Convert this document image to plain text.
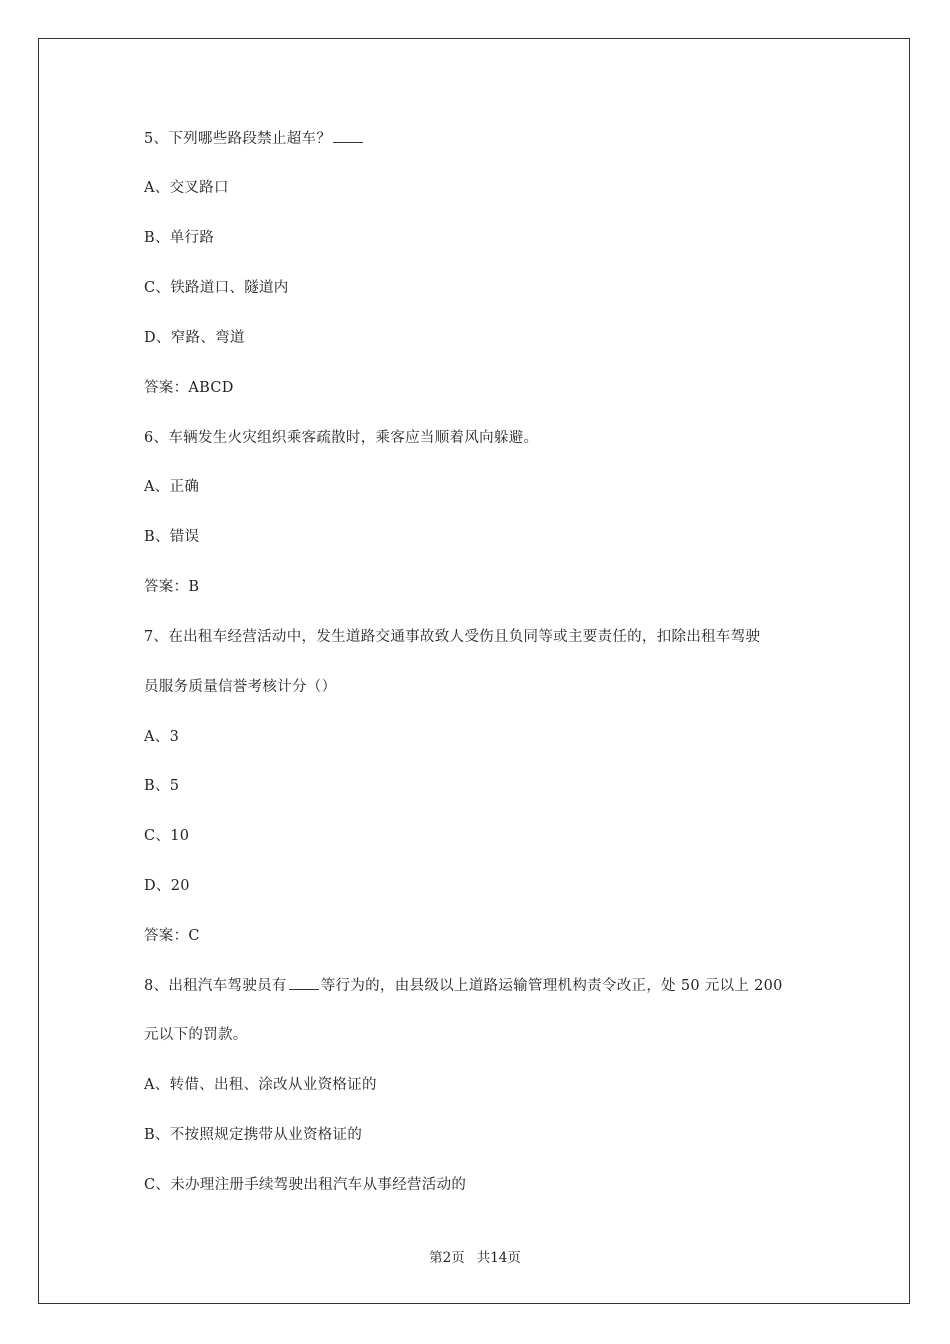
5、下列哪些路段禁止超车？
A、交叉路口
B、单行路
C、铁路道口、隧道内
D、窄路、弯道
答案：ABCD
6、车辆发生火灾组织乘客疏散时，乘客应当顺着风向躲避。
A、正确
B、错误
答案：B
7、在出租车经营活动中，发生道路交通事故致人受伤且负同等或主要责任的，扣除出租车驾驶
员服务质量信誉考核计分（）
A、3
B、5
C、10
D、20
答案：C
8、出租汽车驾驶员有 等行为的，由县级以上道路运输管理机构责令改正，处 50 元以上 200
元以下的罚款。
A、转借、出租、涂改从业资格证的
B、不按照规定携带从业资格证的
C、未办理注册手续驾驶出租汽车从事经营活动的
第2页 共14页
